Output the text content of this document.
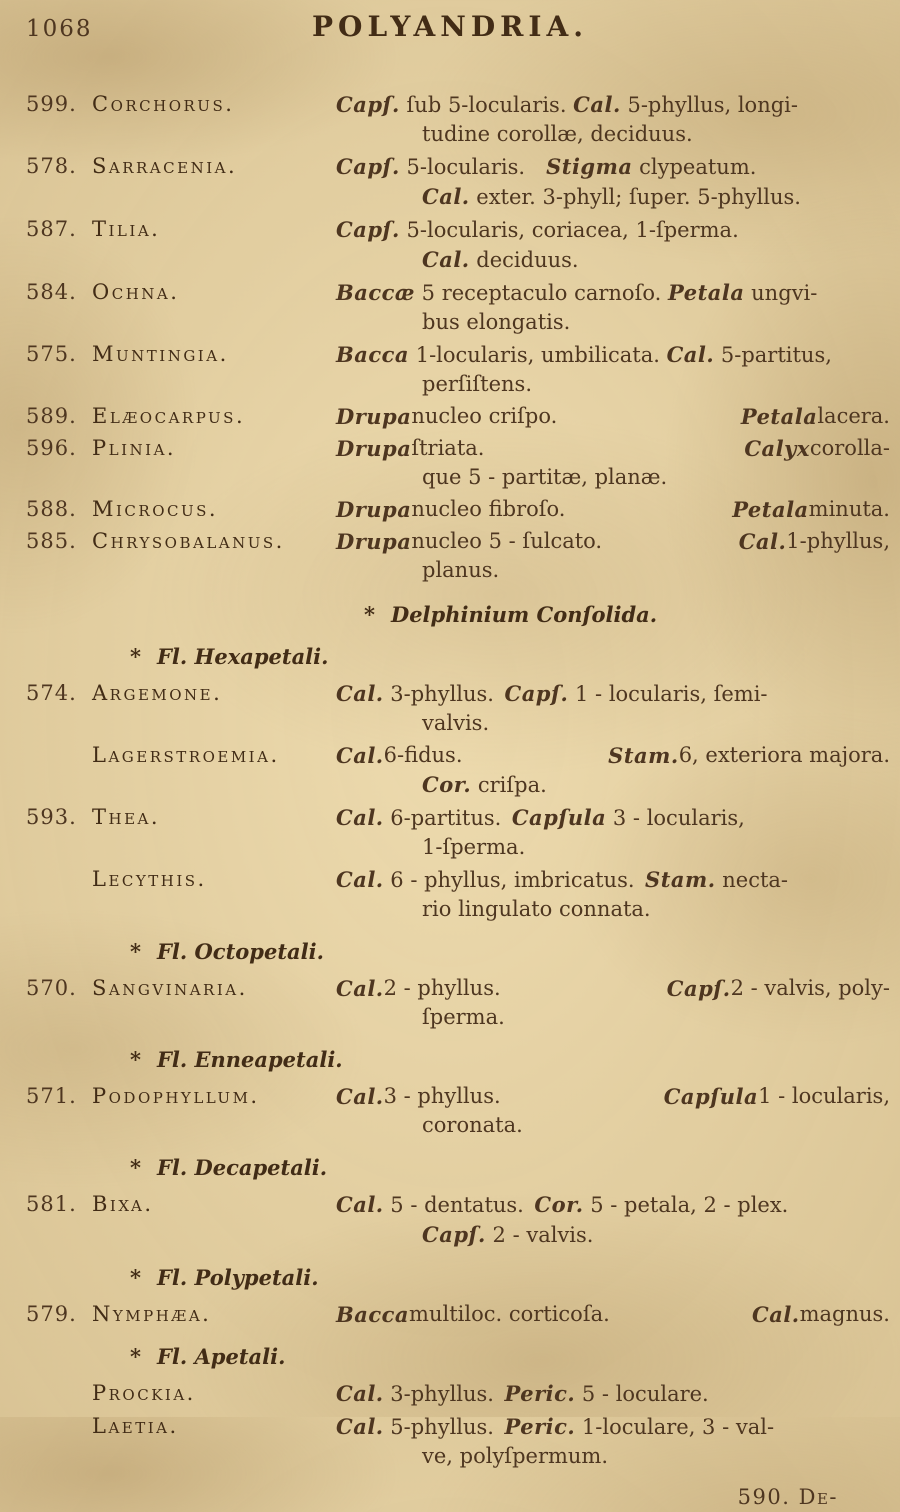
1068	POLYANDRIA.
599. Corchorus.	Capſ. ſub 5-locularis. Cal. 5-phyllus, longi-
tudine corollæ, deciduus.
578. Sarracenia.	Capſ. 5-locularis.  Stigma clypeatum.
Cal. exter. 3-phyll; ſuper. 5-phyllus.
587. Tilia.	Capſ. 5-locularis, coriacea, 1-ſperma.
Cal. deciduus.
584. Ochna.	Baccæ 5 receptaculo carnoſo. Petala ungvi-
bus elongatis.
575. Muntingia.	Bacca 1-locularis, umbilicata. Cal. 5-partitus,
perſiſtens.
589. Elæocarpus.	Drupa nucleo criſpo.	Petala lacera.
596. Plinia.	Drupa ſtriata.	Calyx corolla-
que 5 - partitæ, planæ.
588. Microcus.	Drupa nucleo fibroſo.	Petala minuta.
585. Chrysobalanus.	Drupa nucleo 5 - ſulcato.	Cal. 1-phyllus,
planus.
* Delphinium Conſolida.
* Fl. Hexapetali.
574. Argemone.	Cal. 3-phyllus. Capſ. 1 - locularis, ſemi-
valvis.
Lagerstroemia.	Cal. 6-fidus.	Stam. 6, exteriora majora.
Cor. criſpa.
593. Thea.	Cal. 6-partitus. Capſula 3 - locularis,
1-ſperma.
Lecythis.	Cal. 6 - phyllus, imbricatus. Stam. necta-
rio lingulato connata.
* Fl. Octopetali.
570. Sangvinaria.	Cal. 2 - phyllus.	Capſ. 2 - valvis, poly-
ſperma.
* Fl. Enneapetali.
571. Podophyllum.	Cal. 3 - phyllus.	Capſula 1 - locularis,
coronata.
* Fl. Decapetali.
581. Bixa.	Cal. 5 - dentatus. Cor. 5 - petala, 2 - plex.
Capſ. 2 - valvis.
* Fl. Polypetali.
579. Nymphæa.	Bacca multiloc. corticoſa.	Cal. magnus.
* Fl. Apetali.
Prockia.	Cal. 3-phyllus. Peric. 5 - loculare.
Laetia.	Cal. 5-phyllus. Peric. 1-loculare, 3 - val-
ve, polyſpermum.
590. De-
